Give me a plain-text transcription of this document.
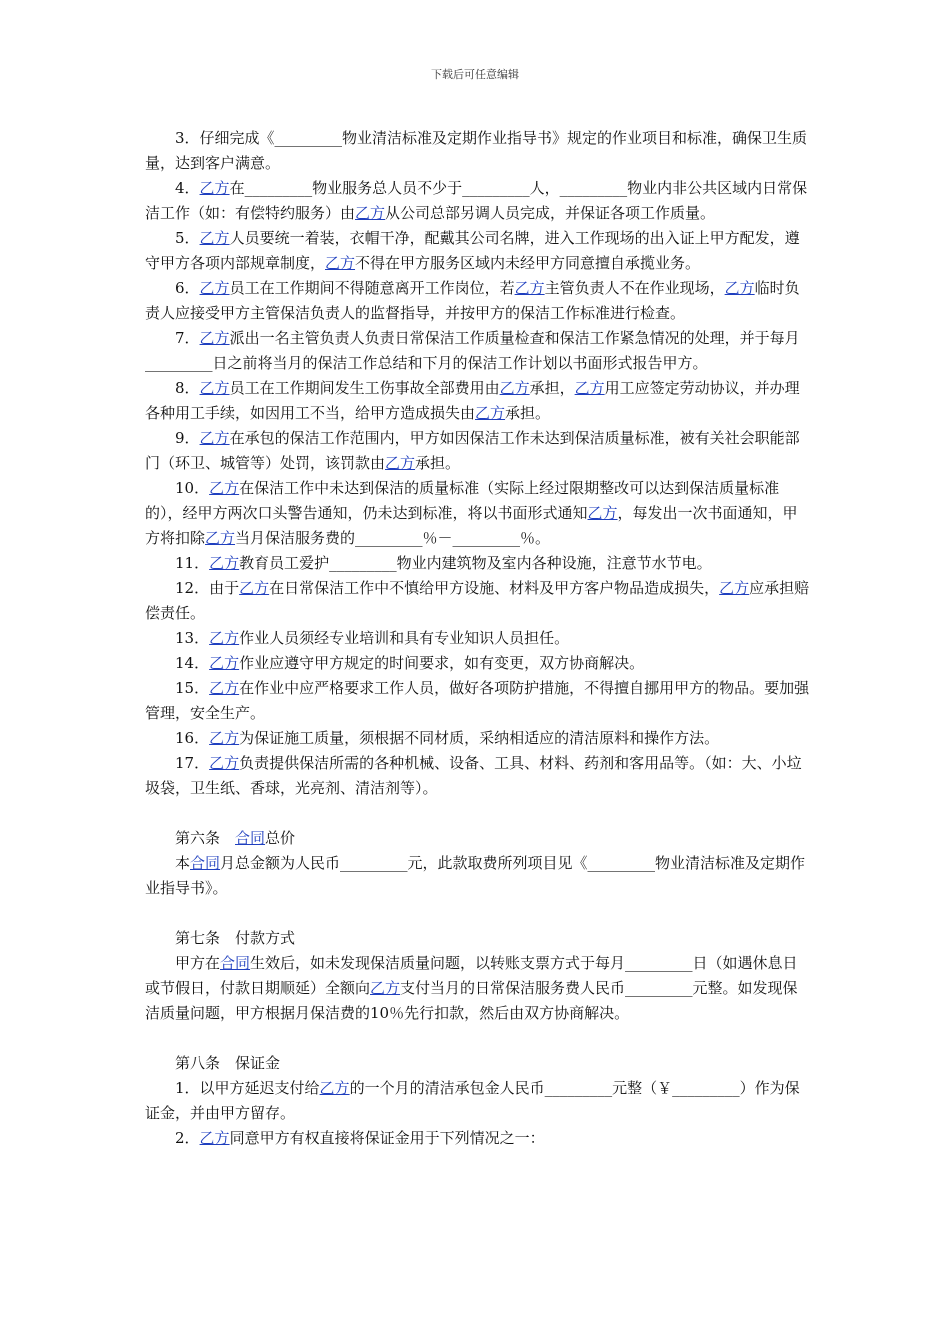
下载后可任意编辑

3．仔细完成《_________物业清洁标准及定期作业指导书》规定的作业项目和标准，确保卫生质量，达到客户满意。

4．乙方在_________物业服务总人员不少于_________人，_________物业内非公共区域内日常保洁工作（如：有偿特约服务）由乙方从公司总部另调人员完成，并保证各项工作质量。

5．乙方人员要统一着装，衣帽干净，配戴其公司名牌，进入工作现场的出入证上甲方配发，遵守甲方各项内部规章制度，乙方不得在甲方服务区域内未经甲方同意擅自承揽业务。

6．乙方员工在工作期间不得随意离开工作岗位，若乙方主管负责人不在作业现场，乙方临时负责人应接受甲方主管保洁负责人的监督指导，并按甲方的保洁工作标准进行检查。

7．乙方派出一名主管负责人负责日常保洁工作质量检查和保洁工作紧急情况的处理，并于每月_________日之前将当月的保洁工作总结和下月的保洁工作计划以书面形式报告甲方。

8．乙方员工在工作期间发生工伤事故全部费用由乙方承担，乙方用工应签定劳动协议，并办理各种用工手续，如因用工不当，给甲方造成损失由乙方承担。

9．乙方在承包的保洁工作范围内，甲方如因保洁工作未达到保洁质量标准，被有关社会职能部门（环卫、城管等）处罚，该罚款由乙方承担。

10．乙方在保洁工作中未达到保洁的质量标准（实际上经过限期整改可以达到保洁质量标准的），经甲方两次口头警告通知，仍未达到标准，将以书面形式通知乙方，每发出一次书面通知，甲方将扣除乙方当月保洁服务费的_________％－_________％。

11．乙方教育员工爱护_________物业内建筑物及室内各种设施，注意节水节电。

12．由于乙方在日常保洁工作中不慎给甲方设施、材料及甲方客户物品造成损失，乙方应承担赔偿责任。

13．乙方作业人员须经专业培训和具有专业知识人员担任。

14．乙方作业应遵守甲方规定的时间要求，如有变更，双方协商解决。

15．乙方在作业中应严格要求工作人员，做好各项防护措施，不得擅自挪用甲方的物品。要加强管理，安全生产。

16．乙方为保证施工质量，须根据不同材质，采纳相适应的清洁原料和操作方法。

17．乙方负责提供保洁所需的各种机械、设备、工具、材料、药剂和客用品等。（如：大、小垃圾袋，卫生纸、香球，光亮剂、清洁剂等）。

第六条　合同总价

本合同月总金额为人民币_________元，此款取费所列项目见《_________物业清洁标准及定期作业指导书》。

第七条　付款方式

甲方在合同生效后，如未发现保洁质量问题，以转账支票方式于每月_________日（如遇休息日或节假日，付款日期顺延）全额向乙方支付当月的日常保洁服务费人民币_________元整。如发现保洁质量问题，甲方根据月保洁费的10％先行扣款，然后由双方协商解决。

第八条　保证金

1．以甲方延迟支付给乙方的一个月的清洁承包金人民币_________元整（￥_________）作为保证金，并由甲方留存。

2．乙方同意甲方有权直接将保证金用于下列情况之一：
